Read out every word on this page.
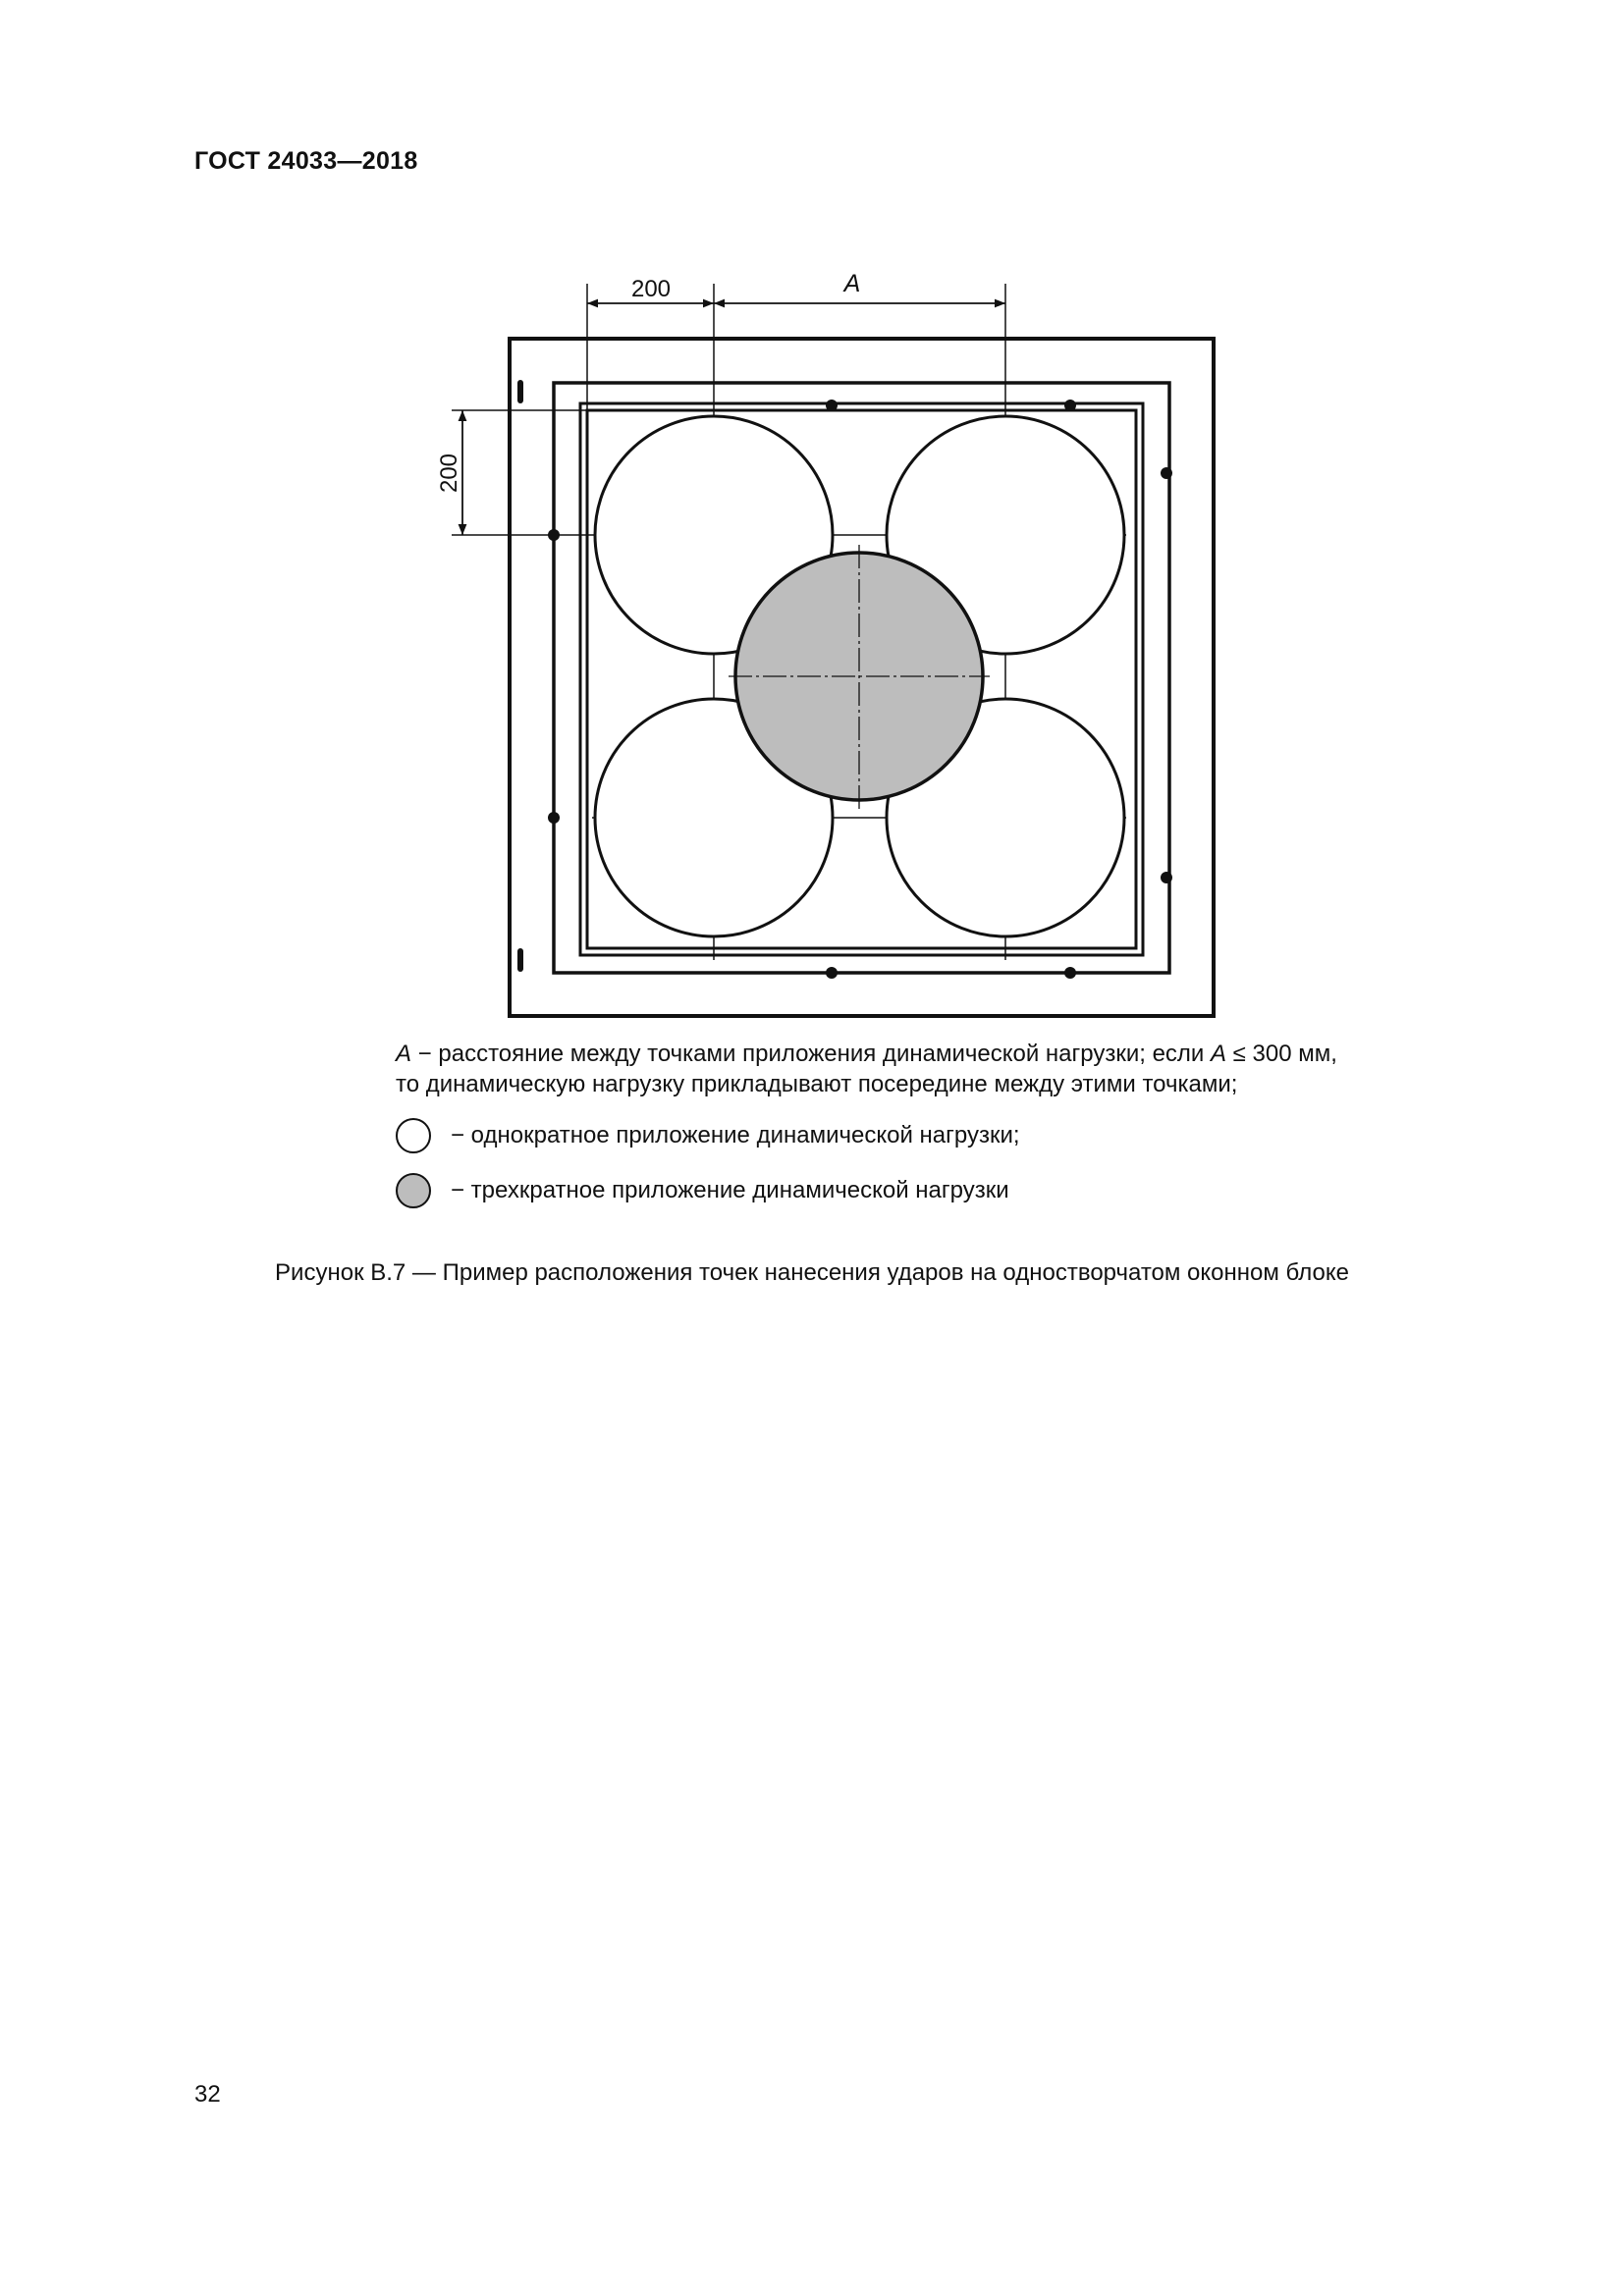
ГОСТ 24033—2018
200	A
200
A − расстояние между точками приложения динамической нагрузки; если A ≤ 300 мм,
то динамическую нагрузку прикладывают посередине между этими точками;
− однократное приложение динамической нагрузки;
− трехкратное приложение динамической нагрузки
Рисунок В.7 — Пример расположения точек нанесения ударов на одностворчатом оконном блоке
32
